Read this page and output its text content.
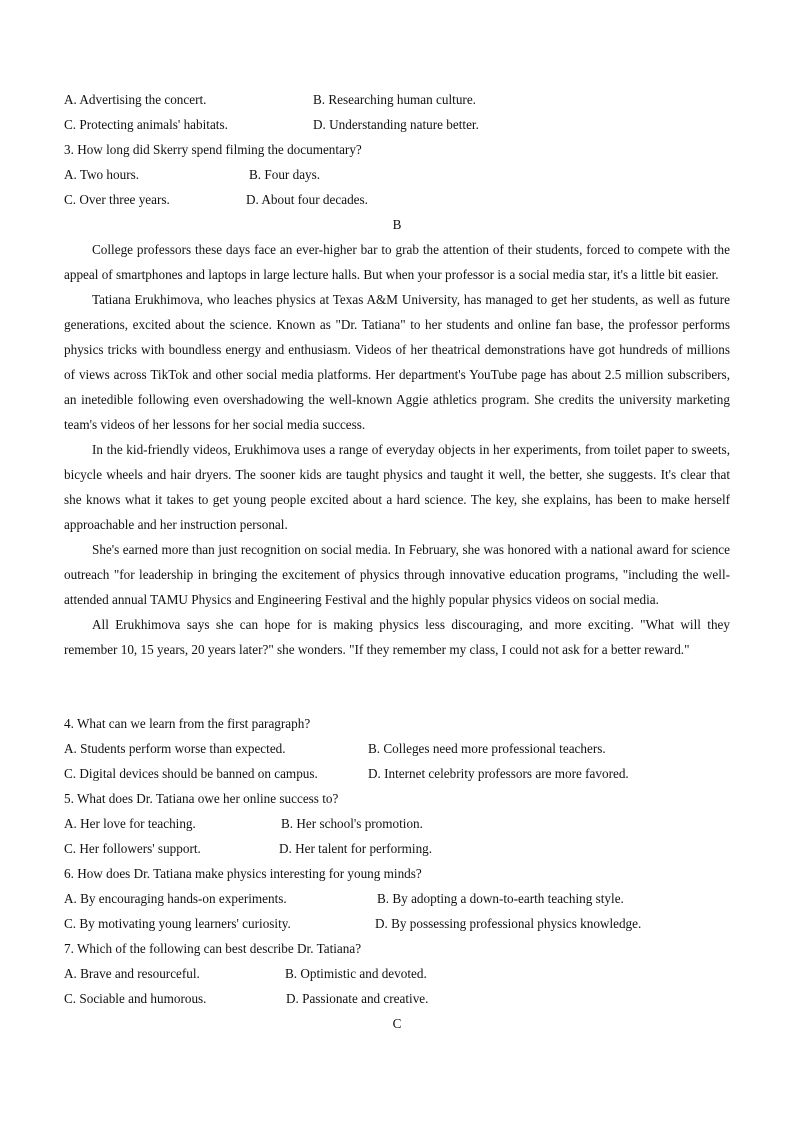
A. Advertising the concert.	B. Researching human culture.
C. Protecting animals' habitats.	D. Understanding nature better.
3. How long did Skerry spend filming the documentary?
A. Two hours.	B. Four days.
C. Over three years.	D. About four decades.
B

College professors these days face an ever-higher bar to grab the attention of their students, forced to compete with the appeal of smartphones and laptops in large lecture halls. But when your professor is a social media star, it's a little bit easier.

Tatiana Erukhimova, who leaches physics at Texas A&M University, has managed to get her students, as well as future generations, excited about the science. Known as "Dr. Tatiana" to her students and online fan base, the professor performs physics tricks with boundless energy and enthusiasm. Videos of her theatrical demonstrations have got hundreds of millions of views across TikTok and other social media platforms. Her department's YouTube page has about 2.5 million subscribers, an inetedible following even overshadowing the well-known Aggie athletics program. She credits the university marketing team's videos of her lessons for her social media success.

In the kid-friendly videos, Erukhimova uses a range of everyday objects in her experiments, from toilet paper to sweets, bicycle wheels and hair dryers. The sooner kids are taught physics and taught it well, the better, she suggests. It's clear that she knows what it takes to get young people excited about a hard science. The key, she explains, has been to make herself approachable and her instruction personal.

She's earned more than just recognition on social media. In February, she was honored with a national award for science outreach "for leadership in bringing the excitement of physics through innovative education programs, "including the well-attended annual TAMU Physics and Engineering Festival and the highly popular physics videos on social media.

All Erukhimova says she can hope for is making physics less discouraging, and more exciting. "What will they remember 10, 15 years, 20 years later?" she wonders. "If they remember my class, I could not ask for a better reward."

4. What can we learn from the first paragraph?
A. Students perform worse than expected.	B. Colleges need more professional teachers.
C. Digital devices should be banned on campus.	D. Internet celebrity professors are more favored.
5. What does Dr. Tatiana owe her online success to?
A. Her love for teaching.	B. Her school's promotion.
C. Her followers' support.	D. Her talent for performing.
6. How does Dr. Tatiana make physics interesting for young minds?
A. By encouraging hands-on experiments.	B. By adopting a down-to-earth teaching style.
C. By motivating young learners' curiosity.	D. By possessing professional physics knowledge.
7. Which of the following can best describe Dr. Tatiana?
A. Brave and resourceful.	B. Optimistic and devoted.
C. Sociable and humorous.	D. Passionate and creative.
C
